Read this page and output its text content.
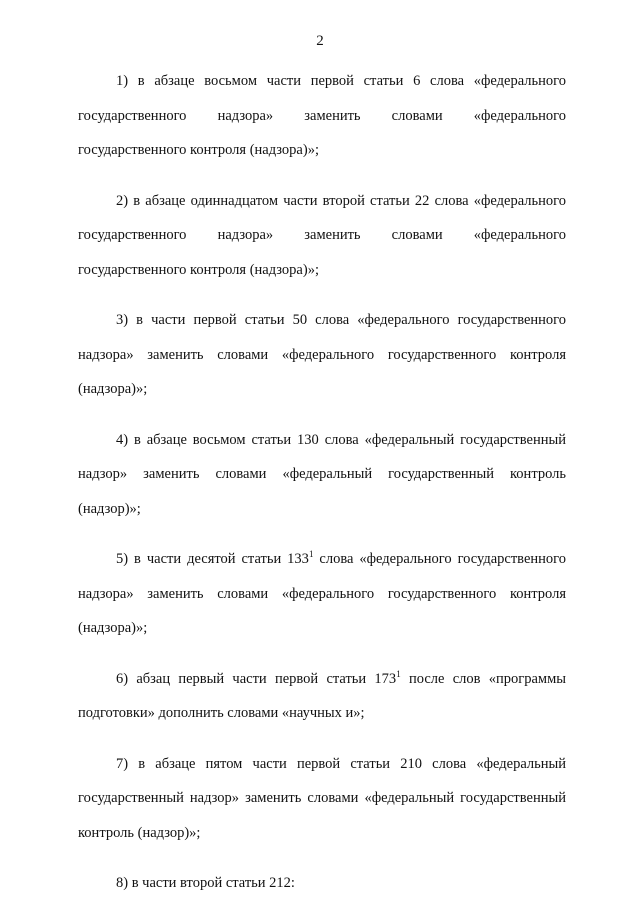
2

1) в абзаце восьмом части первой статьи 6 слова «федерального государственного надзора» заменить словами «федерального государственного контроля (надзора)»;

2) в абзаце одиннадцатом части второй статьи 22 слова «федерального государственного надзора» заменить словами «федерального государственного контроля (надзора)»;

3) в части первой статьи 50 слова «федерального государственного надзора» заменить словами «федерального государственного контроля (надзора)»;

4) в абзаце восьмом статьи 130 слова «федеральный государственный надзор» заменить словами «федеральный государственный контроль (надзор)»;

5) в части десятой статьи $133^1$ слова «федерального государственного надзора» заменить словами «федерального государственного контроля (надзора)»;

6) абзац первый части первой статьи $173^1$ после слов «программы подготовки» дополнить словами «научных и»;

7) в абзаце пятом части первой статьи 210 слова «федеральный государственный надзор» заменить словами «федеральный государственный контроль (надзор)»;

8) в части второй статьи 212:
